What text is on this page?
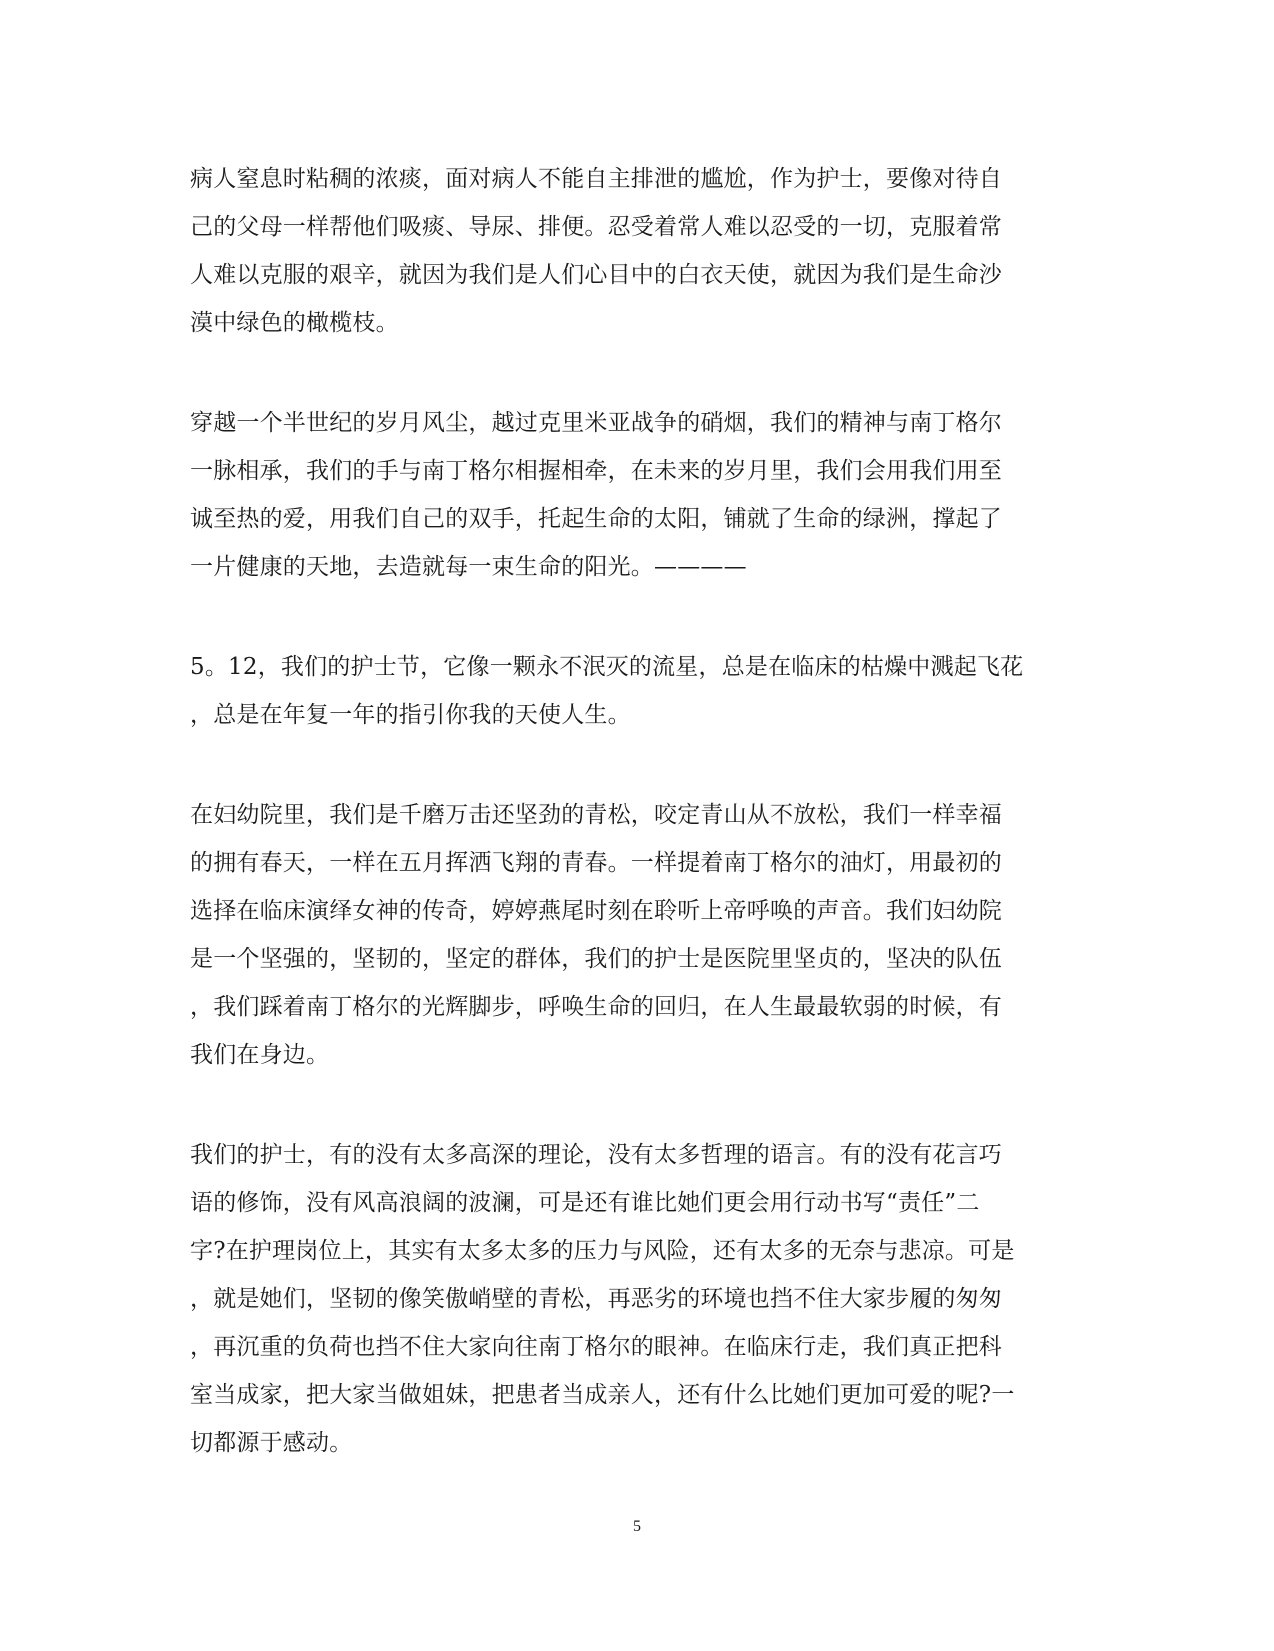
病人窒息时粘稠的浓痰，面对病人不能自主排泄的尴尬，作为护士，要像对待自
己的父母一样帮他们吸痰、导尿、排便。忍受着常人难以忍受的一切，克服着常
人难以克服的艰辛，就因为我们是人们心目中的白衣天使，就因为我们是生命沙
漠中绿色的橄榄枝。
穿越一个半世纪的岁月风尘，越过克里米亚战争的硝烟，我们的精神与南丁格尔
一脉相承，我们的手与南丁格尔相握相牵，在未来的岁月里，我们会用我们用至
诚至热的爱，用我们自己的双手，托起生命的太阳，铺就了生命的绿洲，撑起了
一片健康的天地，去造就每一束生命的阳光。————
5。12，我们的护士节，它像一颗永不泯灭的流星，总是在临床的枯燥中溅起飞花
，总是在年复一年的指引你我的天使人生。
在妇幼院里，我们是千磨万击还坚劲的青松，咬定青山从不放松，我们一样幸福
的拥有春天，一样在五月挥洒飞翔的青春。一样提着南丁格尔的油灯，用最初的
选择在临床演绎女神的传奇，婷婷燕尾时刻在聆听上帝呼唤的声音。我们妇幼院
是一个坚强的，坚韧的，坚定的群体，我们的护士是医院里坚贞的，坚决的队伍
，我们踩着南丁格尔的光辉脚步，呼唤生命的回归，在人生最最软弱的时候，有
我们在身边。
我们的护士，有的没有太多高深的理论，没有太多哲理的语言。有的没有花言巧
语的修饰，没有风高浪阔的波澜，可是还有谁比她们更会用行动书写“责任”二
字?在护理岗位上，其实有太多太多的压力与风险，还有太多的无奈与悲凉。可是
，就是她们，坚韧的像笑傲峭壁的青松，再恶劣的环境也挡不住大家步履的匆匆
，再沉重的负荷也挡不住大家向往南丁格尔的眼神。在临床行走，我们真正把科
室当成家，把大家当做姐妹，把患者当成亲人，还有什么比她们更加可爱的呢?一
切都源于感动。
5
